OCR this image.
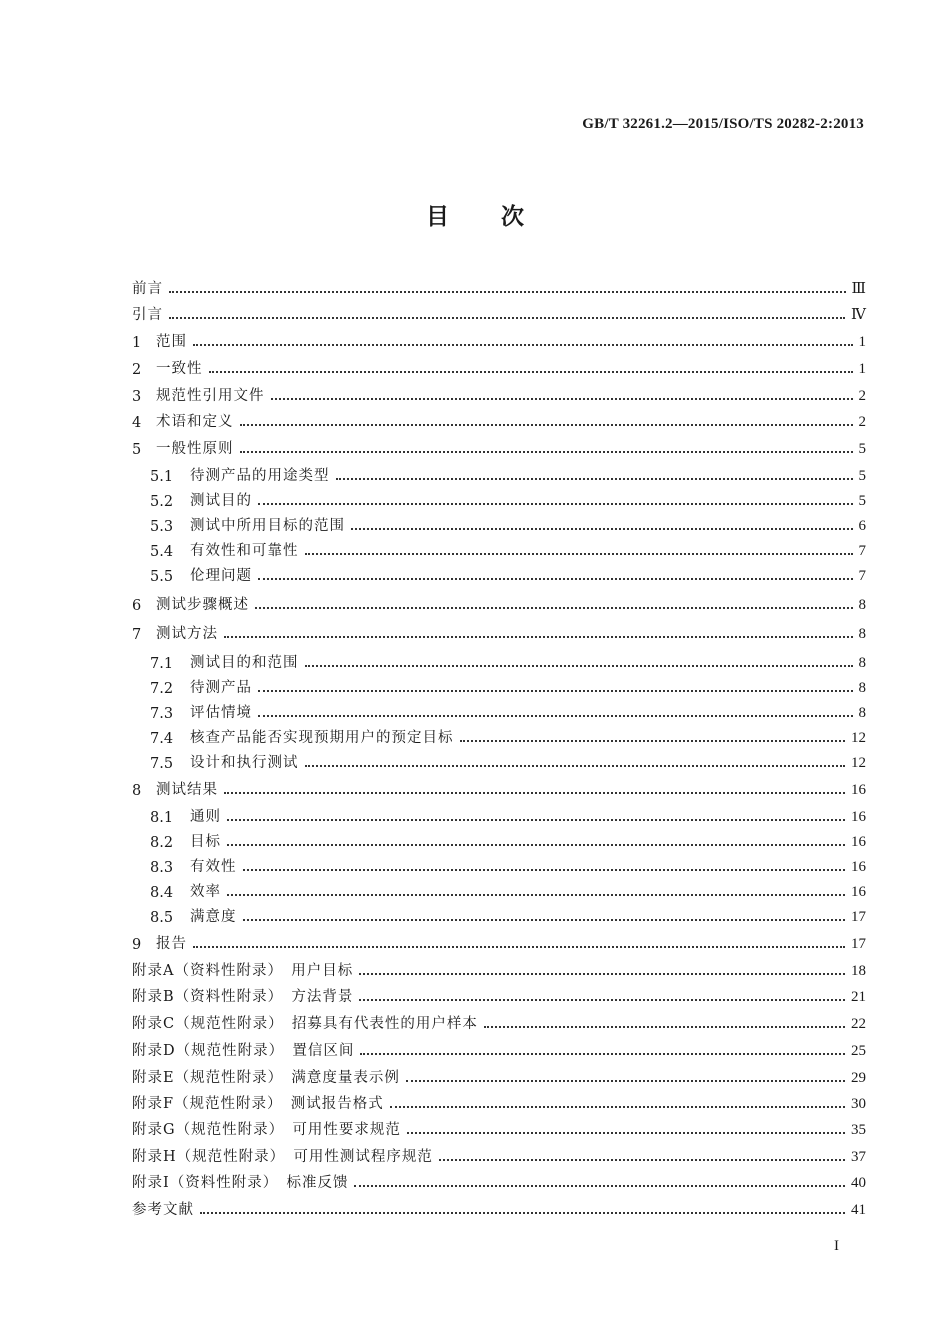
GB/T 32261.2—2015/ISO/TS 20282-2:2013
目次
前言	Ⅲ
引言	Ⅳ
1	范围	1
2	一致性	1
3	规范性引用文件	2
4	术语和定义	2
5	一般性原则	5
5.1	待测产品的用途类型	5
5.2	测试目的	5
5.3	测试中所用目标的范围	6
5.4	有效性和可靠性	7
5.5	伦理问题	7
6	测试步骤概述	8
7	测试方法	8
7.1	测试目的和范围	8
7.2	待测产品	8
7.3	评估情境	8
7.4	核查产品能否实现预期用户的预定目标	12
7.5	设计和执行测试	12
8	测试结果	16
8.1	通则	16
8.2	目标	16
8.3	有效性	16
8.4	效率	16
8.5	满意度	17
9	报告	17
附录A（资料性附录）　用户目标	18
附录B（资料性附录）　方法背景	21
附录C（规范性附录）　招募具有代表性的用户样本	22
附录D（规范性附录）　置信区间	25
附录E（规范性附录）　满意度量表示例	29
附录F（规范性附录）　测试报告格式	30
附录G（规范性附录）　可用性要求规范	35
附录H（规范性附录）　可用性测试程序规范	37
附录I（资料性附录）　标准反馈	40
参考文献	41
I
